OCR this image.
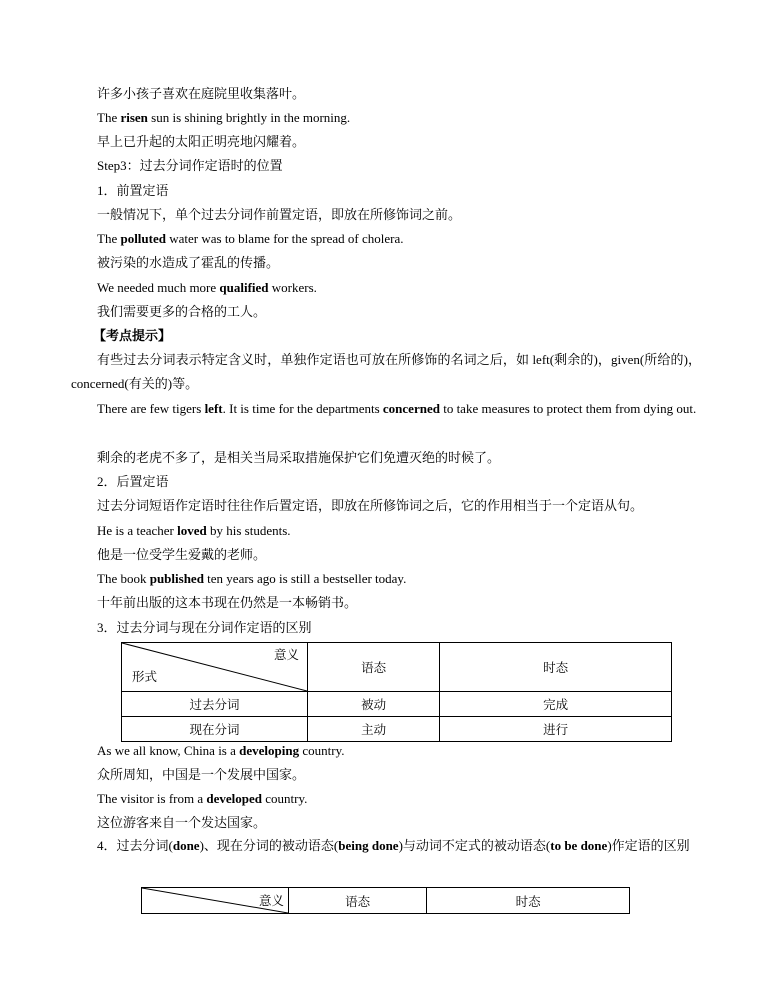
许多小孩子喜欢在庭院里收集落叶。
The risen sun is shining brightly in the morning.
早上已升起的太阳正明亮地闪耀着。
Step3：过去分词作定语时的位置
1．前置定语
一般情况下，单个过去分词作前置定语，即放在所修饰词之前。
The polluted water was to blame for the spread of cholera.
被污染的水造成了霍乱的传播。
We needed much more qualified workers.
我们需要更多的合格的工人。
【考点提示】
有些过去分词表示特定含义时，单独作定语也可放在所修饰的名词之后，如 left(剩余的)，given(所给的)，concerned(有关的)等。
There are few tigers left. It is time for the departments concerned to take measures to protect them from dying out.
剩余的老虎不多了，是相关当局采取措施保护它们免遭灭绝的时候了。
2．后置定语
过去分词短语作定语时往往作后置定语，即放在所修饰词之后，它的作用相当于一个定语从句。
He is a teacher loved by his students.
他是一位受学生爱戴的老师。
The book published ten years ago is still a bestseller today.
十年前出版的这本书现在仍然是一本畅销书。
3．过去分词与现在分词作定语的区别
意义
形式	语态	时态
过去分词	被动	完成
现在分词	主动	进行
As we all know, China is a developing country.
众所周知，中国是一个发展中国家。
The visitor is from a developed country.
这位游客来自一个发达国家。
4．过去分词(done)、现在分词的被动语态(being done)与动词不定式的被动语态(to be done)作定语的区别
意义	语态	时态
